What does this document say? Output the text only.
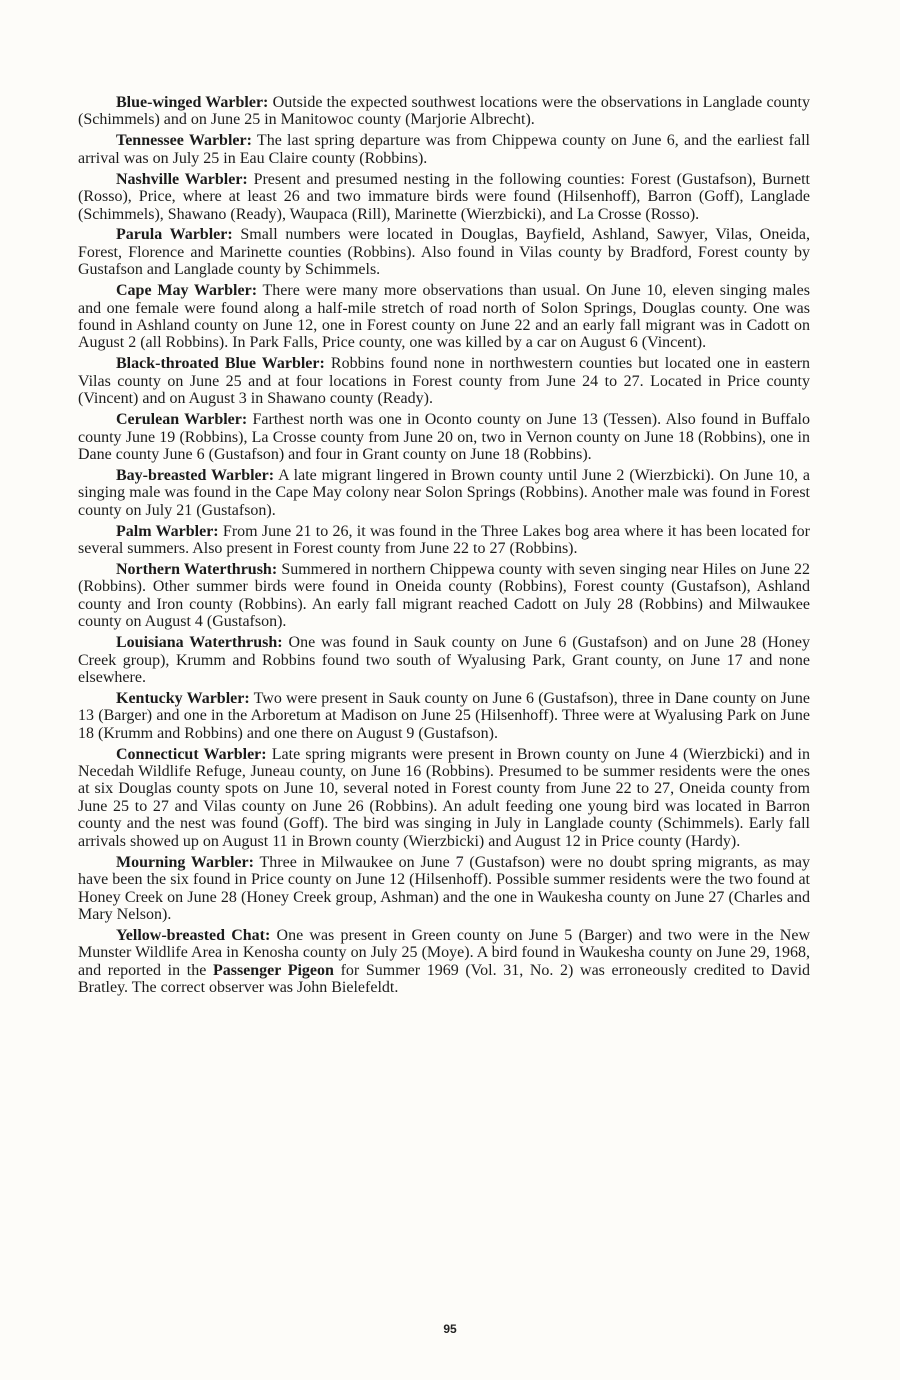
Blue-winged Warbler: Outside the expected southwest locations were the observations in Langlade county (Schimmels) and on June 25 in Manitowoc county (Marjorie Albrecht).

Tennessee Warbler: The last spring departure was from Chippewa county on June 6, and the earliest fall arrival was on July 25 in Eau Claire county (Robbins).

Nashville Warbler: Present and presumed nesting in the following counties: Forest (Gustafson), Burnett (Rosso), Price, where at least 26 and two immature birds were found (Hilsenhoff), Barron (Goff), Langlade (Schimmels), Shawano (Ready), Waupaca (Rill), Marinette (Wierzbicki), and La Crosse (Rosso).

Parula Warbler: Small numbers were located in Douglas, Bayfield, Ashland, Sawyer, Vilas, Oneida, Forest, Florence and Marinette counties (Robbins). Also found in Vilas county by Bradford, Forest county by Gustafson and Langlade county by Schimmels.

Cape May Warbler: There were many more observations than usual. On June 10, eleven singing males and one female were found along a half-mile stretch of road north of Solon Springs, Douglas county. One was found in Ashland county on June 12, one in Forest county on June 22 and an early fall migrant was in Cadott on August 2 (all Robbins). In Park Falls, Price county, one was killed by a car on August 6 (Vincent).

Black-throated Blue Warbler: Robbins found none in northwestern counties but located one in eastern Vilas county on June 25 and at four locations in Forest county from June 24 to 27. Located in Price county (Vincent) and on August 3 in Shawano county (Ready).

Cerulean Warbler: Farthest north was one in Oconto county on June 13 (Tessen). Also found in Buffalo county June 19 (Robbins), La Crosse county from June 20 on, two in Vernon county on June 18 (Robbins), one in Dane county June 6 (Gustafson) and four in Grant county on June 18 (Robbins).

Bay-breasted Warbler: A late migrant lingered in Brown county until June 2 (Wierzbicki). On June 10, a singing male was found in the Cape May colony near Solon Springs (Robbins). Another male was found in Forest county on July 21 (Gustafson).

Palm Warbler: From June 21 to 26, it was found in the Three Lakes bog area where it has been located for several summers. Also present in Forest county from June 22 to 27 (Robbins).

Northern Waterthrush: Summered in northern Chippewa county with seven singing near Hiles on June 22 (Robbins). Other summer birds were found in Oneida county (Robbins), Forest county (Gustafson), Ashland county and Iron county (Robbins). An early fall migrant reached Cadott on July 28 (Robbins) and Milwaukee county on August 4 (Gustafson).

Louisiana Waterthrush: One was found in Sauk county on June 6 (Gustafson) and on June 28 (Honey Creek group), Krumm and Robbins found two south of Wyalusing Park, Grant county, on June 17 and none elsewhere.

Kentucky Warbler: Two were present in Sauk county on June 6 (Gustafson), three in Dane county on June 13 (Barger) and one in the Arboretum at Madison on June 25 (Hilsenhoff). Three were at Wyalusing Park on June 18 (Krumm and Robbins) and one there on August 9 (Gustafson).

Connecticut Warbler: Late spring migrants were present in Brown county on June 4 (Wierzbicki) and in Necedah Wildlife Refuge, Juneau county, on June 16 (Robbins). Presumed to be summer residents were the ones at six Douglas county spots on June 10, several noted in Forest county from June 22 to 27, Oneida county from June 25 to 27 and Vilas county on June 26 (Robbins). An adult feeding one young bird was located in Barron county and the nest was found (Goff). The bird was singing in July in Langlade county (Schimmels). Early fall arrivals showed up on August 11 in Brown county (Wierzbicki) and August 12 in Price county (Hardy).

Mourning Warbler: Three in Milwaukee on June 7 (Gustafson) were no doubt spring migrants, as may have been the six found in Price county on June 12 (Hilsenhoff). Possible summer residents were the two found at Honey Creek on June 28 (Honey Creek group, Ashman) and the one in Waukesha county on June 27 (Charles and Mary Nelson).

Yellow-breasted Chat: One was present in Green county on June 5 (Barger) and two were in the New Munster Wildlife Area in Kenosha county on July 25 (Moye). A bird found in Waukesha county on June 29, 1968, and reported in the Passenger Pigeon for Summer 1969 (Vol. 31, No. 2) was erroneously credited to David Bratley. The correct observer was John Bielefeldt.

95
